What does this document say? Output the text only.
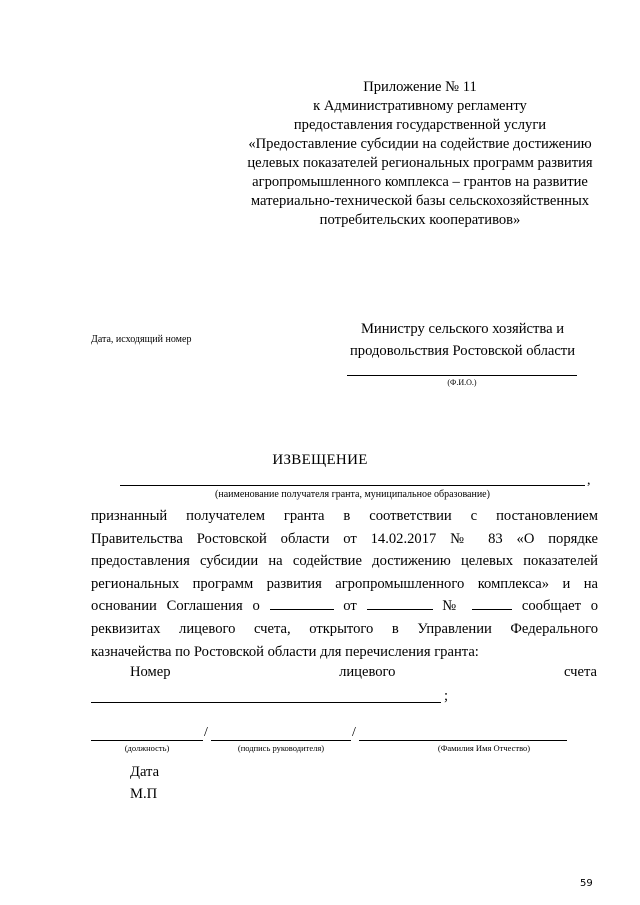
Приложение № 11
к Административному регламенту
предоставления государственной услуги
«Предоставление субсидии на содействие достижению
целевых показателей региональных программ развития
агропромышленного комплекса – грантов на развитие
материально-технической базы сельскохозяйственных
потребительских кооперативов»
Дата, исходящий номер
Министру сельского хозяйства и
продовольствия Ростовской области
(Ф.И.О.)
ИЗВЕЩЕНИЕ
,
(наименование получателя гранта, муниципальное образование)
признанный получателем гранта в соответствии с постановлением
Правительства Ростовской области от 14.02.2017 № 83 «О порядке
предоставления субсидии на содействие достижению целевых показателей
региональных программ развития агропромышленного комплекса» и на
основании Соглашения о	от	№	сообщает о
реквизитах лицевого счета, открытого в Управлении Федерального
казначейства по Ростовской области для перечисления гранта:
Номер	лицевого	счета
;
/	/
(должность)	(подпись руководителя)	(Фамилия Имя Отчество)
Дата
М.П
59
